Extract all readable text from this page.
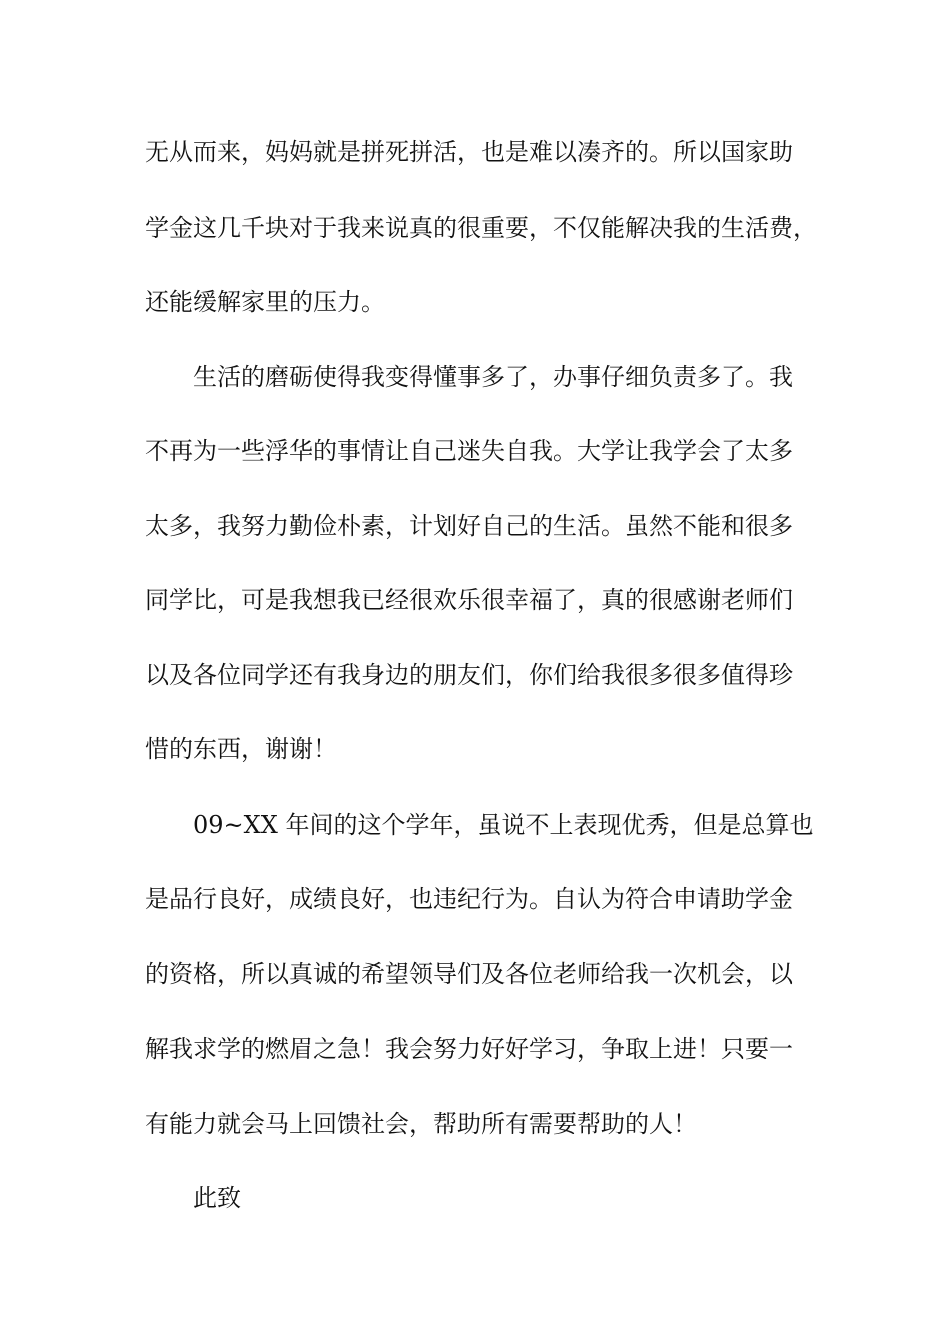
无从而来，妈妈就是拼死拼活，也是难以凑齐的。所以国家助
学金这几千块对于我来说真的很重要，不仅能解决我的生活费，
还能缓解家里的压力。
生活的磨砺使得我变得懂事多了，办事仔细负责多了。我
不再为一些浮华的事情让自己迷失自我。大学让我学会了太多
太多，我努力勤俭朴素，计划好自己的生活。虽然不能和很多
同学比，可是我想我已经很欢乐很幸福了，真的很感谢老师们
以及各位同学还有我身边的朋友们，你们给我很多很多值得珍
惜的东西，谢谢！
09~XX 年间的这个学年，虽说不上表现优秀，但是总算也
是品行良好，成绩良好，也违纪行为。自认为符合申请助学金
的资格，所以真诚的希望领导们及各位老师给我一次机会，以
解我求学的燃眉之急！我会努力好好学习，争取上进！只要一
有能力就会马上回馈社会，帮助所有需要帮助的人！
此致
